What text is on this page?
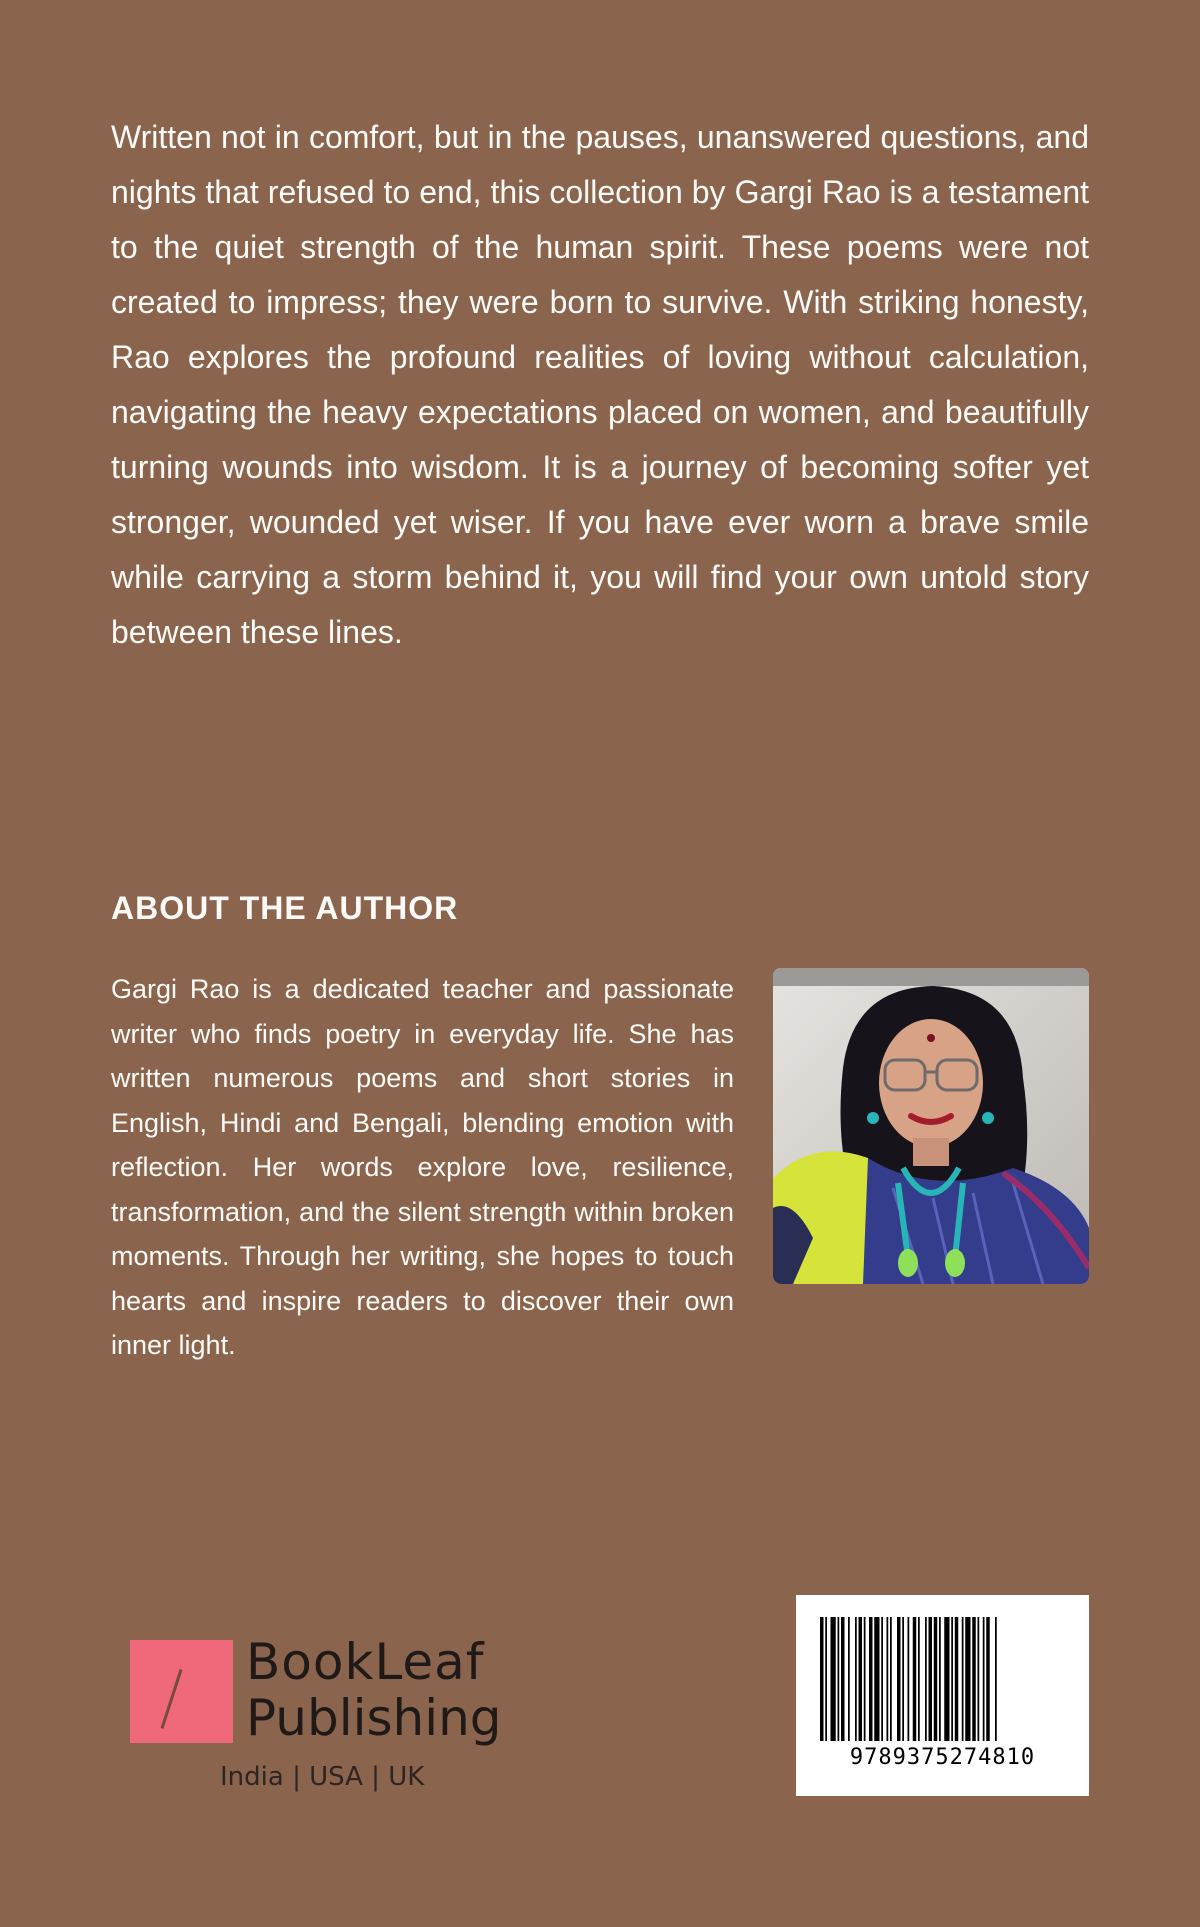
Written not in comfort, but in the pauses, unanswered questions, and nights that refused to end, this collection by Gargi Rao is a testament to the quiet strength of the human spirit. These poems were not created to impress; they were born to survive. With striking honesty, Rao explores the profound realities of loving without calculation, navigating the heavy expectations placed on women, and beautifully turning wounds into wisdom. It is a journey of becoming softer yet stronger, wounded yet wiser. If you have ever worn a brave smile while carrying a storm behind it, you will find your own untold story between these lines.

ABOUT THE AUTHOR

Gargi Rao is a dedicated teacher and passionate writer who finds poetry in everyday life. She has written numerous poems and short stories in English, Hindi and Bengali, blending emotion with reflection. Her words explore love, resilience, transformation, and the silent strength within broken moments. Through her writing, she hopes to touch hearts and inspire readers to discover their own inner light.

BookLeaf
Publishing
India | USA | UK
9789375274810
